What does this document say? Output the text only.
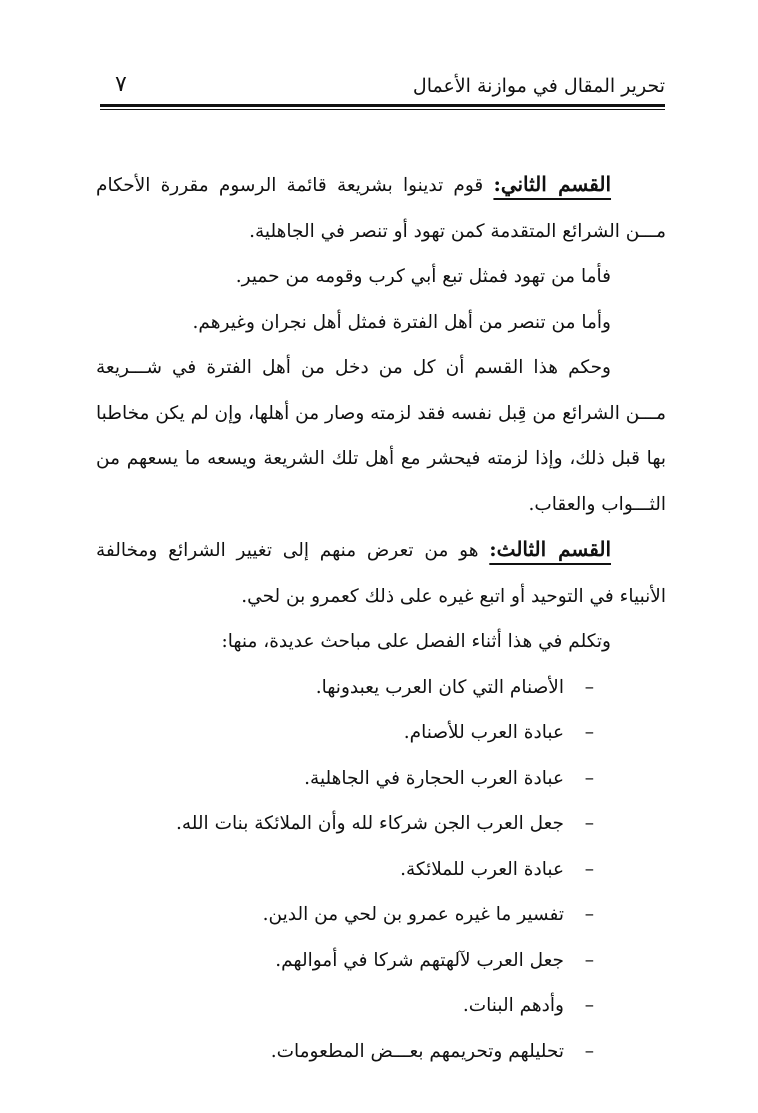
تحرير المقال في موازنة الأعمال
٧

القسم الثاني: قوم تدينوا بشريعة قائمة الرسوم مقررة الأحكام مـــن الشرائع المتقدمة كمن تهود أو تنصر في الجاهلية.

فأما من تهود فمثل تبع أبي كرب وقومه من حمير.

وأما من تنصر من أهل الفترة فمثل أهل نجران وغيرهم.

وحكم هذا القسم أن كل من دخل من أهل الفترة في شـــريعة مـــن الشرائع من قِبل نفسه فقد لزمته وصار من أهلها، وإن لم يكن مخاطبا بها قبل ذلك، وإذا لزمته فيحشر مع أهل تلك الشريعة ويسعه ما يسعهم من الثـــواب والعقاب.

القسم الثالث: هو من تعرض منهم إلى تغيير الشرائع ومخالفة الأنبياء في التوحيد أو اتبع غيره على ذلك كعمرو بن لحي.

وتكلم في هذا أثناء الفصل على مباحث عديدة، منها:

–
الأصنام التي كان العرب يعبدونها.
–
عبادة العرب للأصنام.
–
عبادة العرب الحجارة في الجاهلية.
–
جعل العرب الجن شركاء لله وأن الملائكة بنات الله.
–
عبادة العرب للملائكة.
–
تفسير ما غيره عمرو بن لحي من الدين.
–
جعل العرب لآلهتهم شركا في أموالهم.
–
وأدهم البنات.
–
تحليلهم وتحريمهم بعـــض المطعومات.
